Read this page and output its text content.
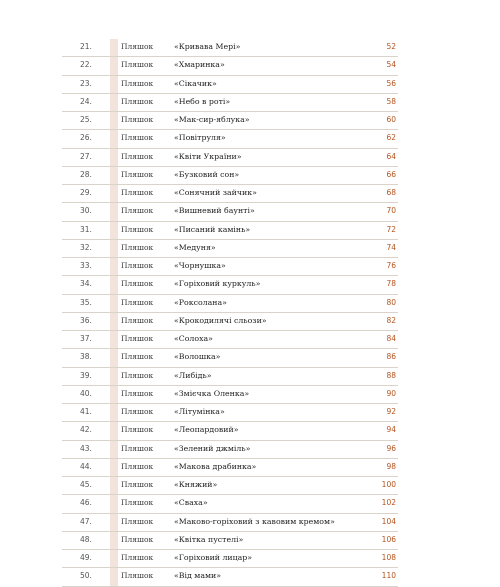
21.	Пляшок	«Кривава Мері»	52
22.	Пляшок	«Хмаринка»	54
23.	Пляшок	«Сікачик»	56
24.	Пляшок	«Небо в роті»	58
25.	Пляшок	«Мак-сир-яблука»	60
26.	Пляшок	«Повітруля»	62
27.	Пляшок	«Квіти України»	64
28.	Пляшок	«Бузковий сон»	66
29.	Пляшок	«Сонячний зайчик»	68
30.	Пляшок	«Вишневий баунті»	70
31.	Пляшок	«Писаний камінь»	72
32.	Пляшок	«Медуня»	74
33.	Пляшок	«Чорнушка»	76
34.	Пляшок	«Горіховий куркуль»	78
35.	Пляшок	«Роксолана»	80
36.	Пляшок	«Крокодилячі сльози»	82
37.	Пляшок	«Солоха»	84
38.	Пляшок	«Волошка»	86
39.	Пляшок	«Либідь»	88
40.	Пляшок	«Змієчка Оленка»	90
41.	Пляшок	«Літумінка»	92
42.	Пляшок	«Леопардовий»	94
43.	Пляшок	«Зелений джміль»	96
44.	Пляшок	«Макова драбинка»	98
45.	Пляшок	«Княжий»	100
46.	Пляшок	«Сваха»	102
47.	Пляшок	«Маково-горіховий з кавовим кремом»	104
48.	Пляшок	«Квітка пустелі»	106
49.	Пляшок	«Горіховий лицар»	108
50.	Пляшок	«Від мами»	110
